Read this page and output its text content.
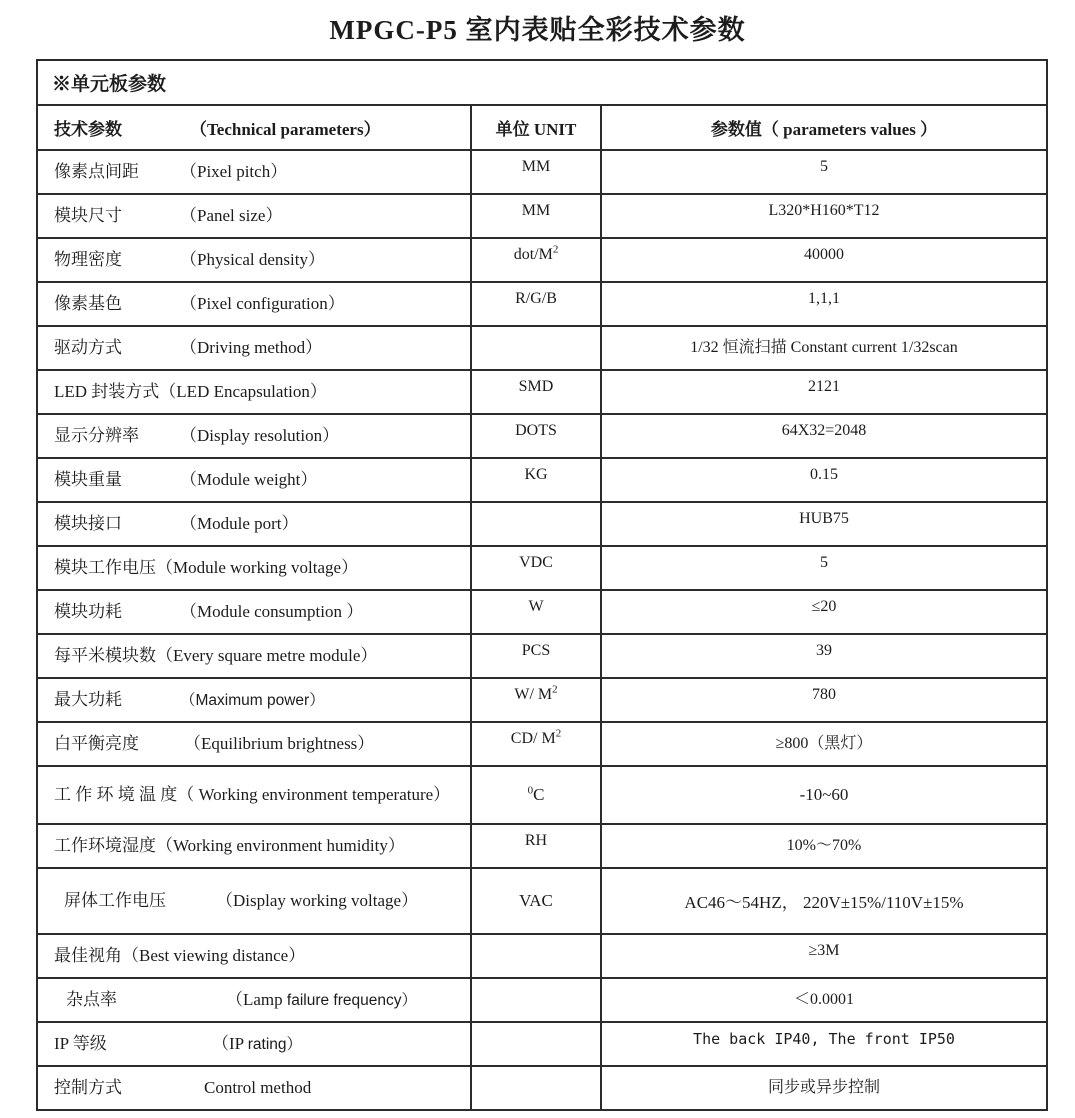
MPGC-P5 室内表贴全彩技术参数
※单元板参数		
技术参数 （Technical parameters）	单位 UNIT	参数值（ parameters values ）
像素点间距 （Pixel pitch）	MM	5
模块尺寸 （Panel size）	MM	L320*H160*T12
物理密度 （Physical density）	dot/$M^2$	40000
像素基色 （Pixel configuration）	R/G/B	1,1,1
驱动方式 （Driving method）		1/32 恒流扫描 Constant current 1/32scan
LED 封装方式（LED Encapsulation）	SMD	2121
显示分辨率 （Display resolution）	DOTS	64X32=2048
模块重量 （Module weight）	KG	0.15
模块接口 （Module port）		HUB75
模块工作电压（Module working voltage）	VDC	5
模块功耗 （Module consumption ）	W	≤20
每平米模块数（Every square metre module）	PCS	39
最大功耗 （Maximum power）	W/ $M^2$	780
白平衡亮度 （Equilibrium brightness）	CD/ $M^2$	≥800（黑灯）
工 作 环 境 温 度（ Working environment temperature）	$^0$C	-10~60
工作环境湿度（Working environment humidity）	RH	10%～70%
屏体工作电压 （Display working voltage）	VAC	AC46～54HZ， 220V±15%/110V±15%
最佳视角（Best viewing distance）		≥3M
杂点率 （Lamp failure frequency）		＜0.0001
IP 等级 （IP rating）		The back IP40, The front IP50
控制方式 Control method		同步或异步控制
